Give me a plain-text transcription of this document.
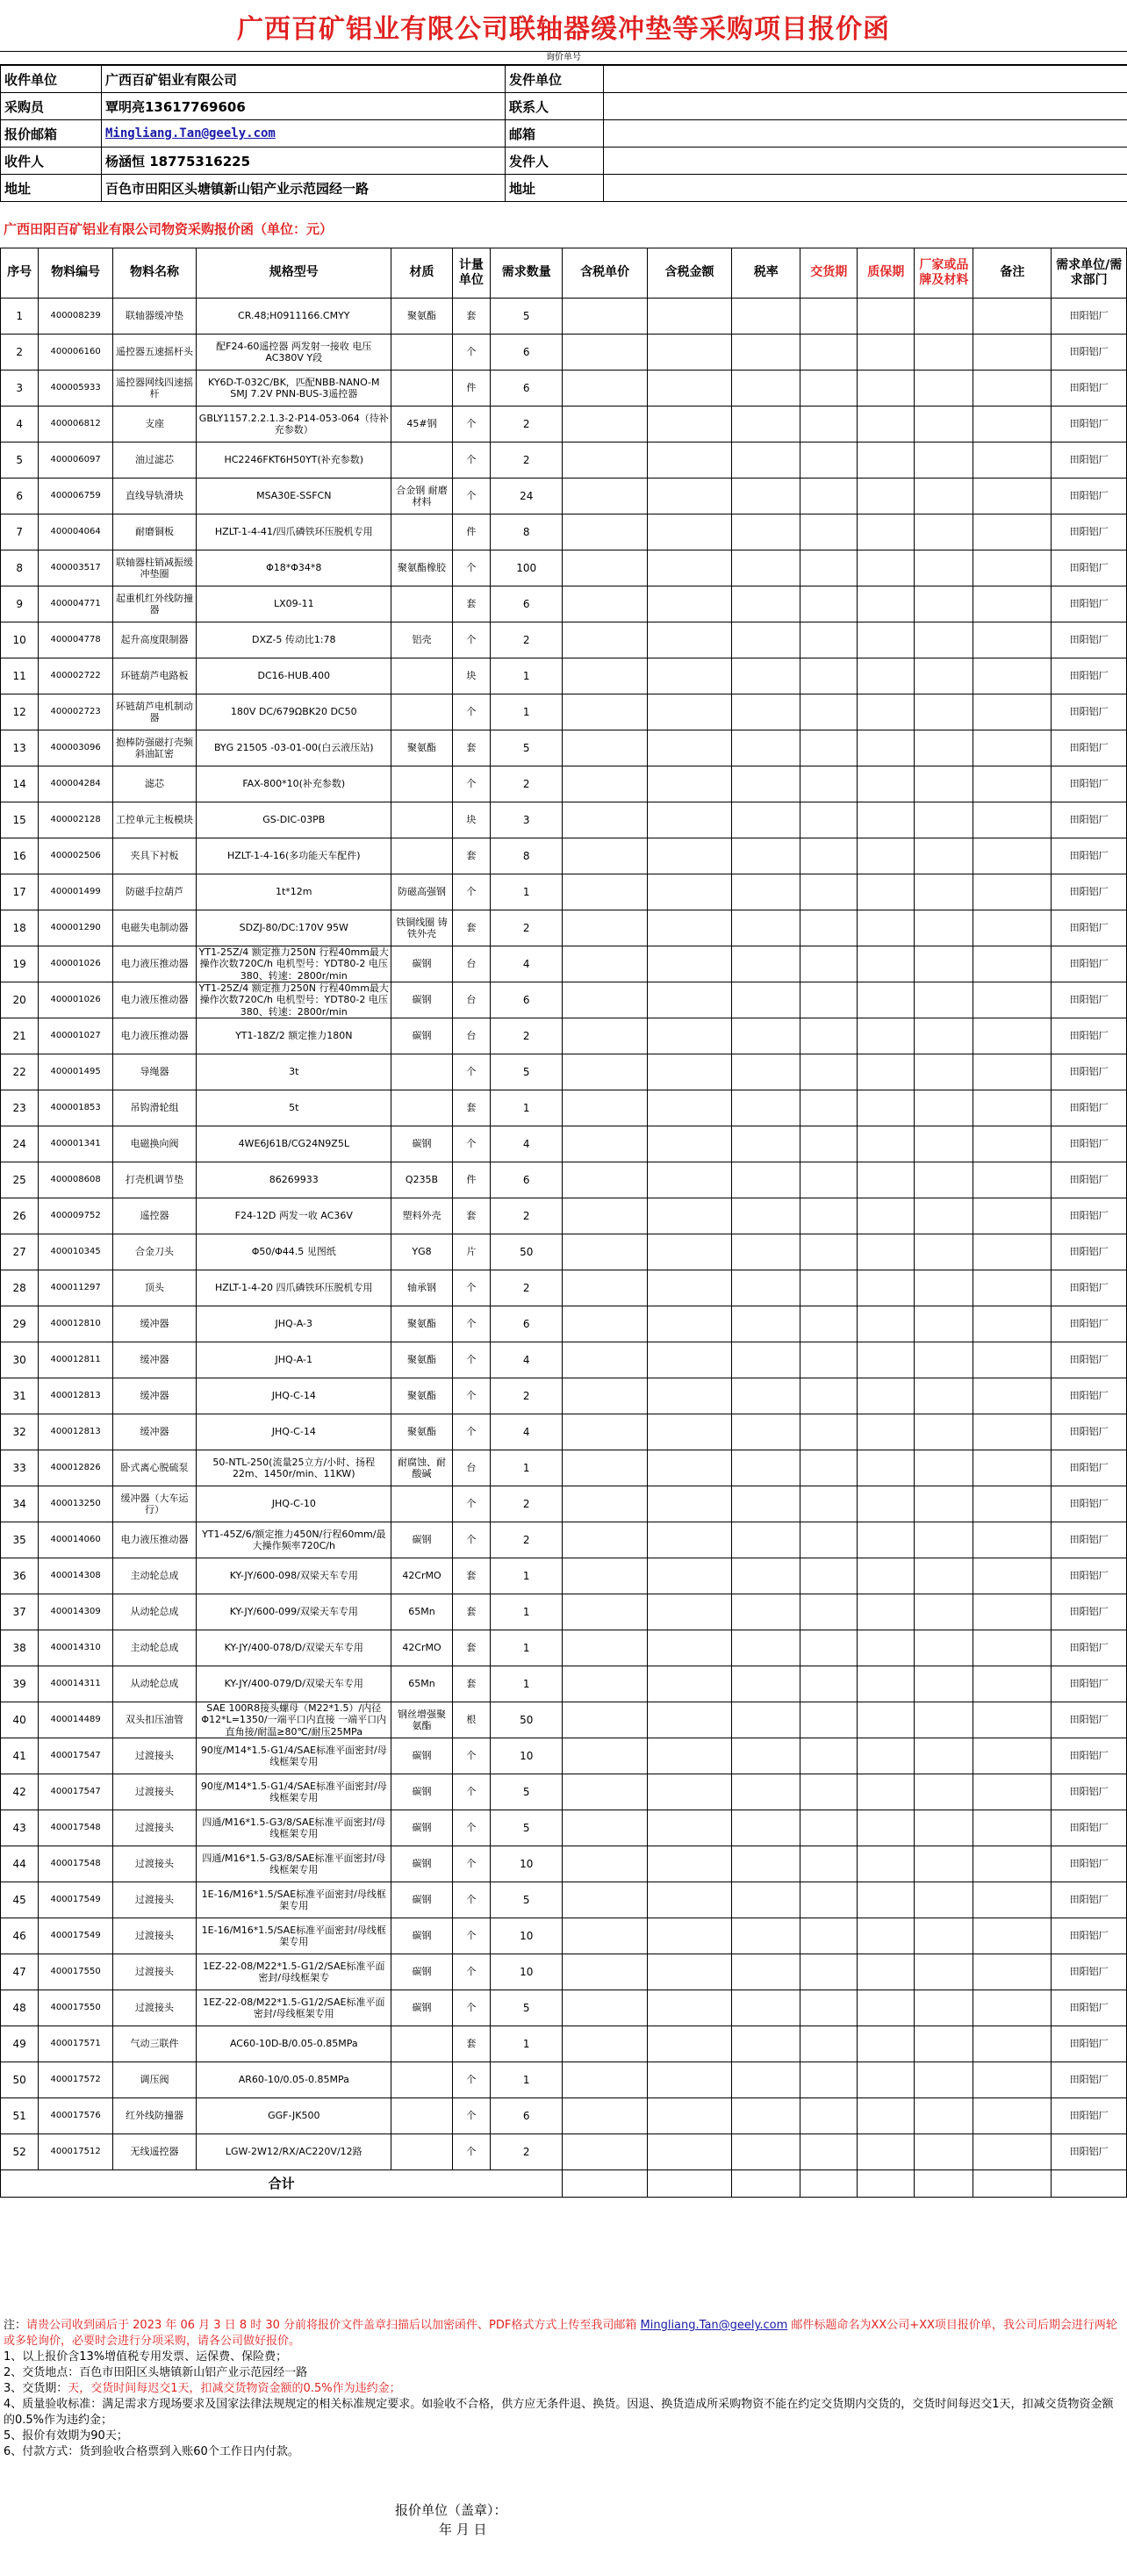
广西百矿铝业有限公司联轴器缓冲垫等采购项目报价函
询价单号
收件单位	广西百矿铝业有限公司	发件单位	
采购员	覃明亮13617769606	联系人	
报价邮箱	Mingliang.Tan@geely.com	邮箱	
收件人	杨涵恒 18775316225	发件人	
地址	百色市田阳区头塘镇新山铝产业示范园经一路	地址	
广西田阳百矿铝业有限公司物资采购报价函（单位：元）
序号	物料编号	物料名称	规格型号	材质	计量单位	需求数量	含税单价	含税金额	税率	交货期	质保期	厂家或品牌及材料	备注	需求单位/需求部门
1	400008239	联轴器缓冲垫	CR.48;H0911166.CMYY	聚氨酯	套	5								田阳铝厂
2	400006160	遥控器五速摇杆头	配F24-60遥控器 两发射一接收 电压AC380V Y段		个	6								田阳铝厂
3	400005933	遥控器网线四速摇杆	KY6D-T-032C/BK，匹配NBB-NANO-M SMJ 7.2V PNN-BUS-3遥控器		件	6								田阳铝厂
4	400006812	支座	GBLY1157.2.2.1.3-2-P14-053-064（待补充参数）	45#钢	个	2								田阳铝厂
5	400006097	油过滤芯	HC2246FKT6H50YT(补充参数)		个	2								田阳铝厂
6	400006759	直线导轨滑块	MSA30E-SSFCN	合金钢 耐磨材料	个	24								田阳铝厂
7	400004064	耐磨铜板	HZLT-1-4-41/四爪磷铁环压脱机专用		件	8								田阳铝厂
8	400003517	联轴器柱销减振缓冲垫圈	Φ18*Φ34*8	聚氨酯橡胶	个	100								田阳铝厂
9	400004771	起重机红外线防撞器	LX09-11		套	6								田阳铝厂
10	400004778	起升高度限制器	DXZ-5 传动比1:78	铝壳	个	2								田阳铝厂
11	400002722	环链葫芦电路板	DC16-HUB.400		块	1								田阳铝厂
12	400002723	环链葫芦电机制动器	180V DC/679ΩBK20 DC50		个	1								田阳铝厂
13	400003096	抱棒防强磁打壳频斜油缸密	BYG 21505 -03-01-00(白云液压站)	聚氨酯	套	5								田阳铝厂
14	400004284	滤芯	FAX-800*10(补充参数)		个	2								田阳铝厂
15	400002128	工控单元主板模块	GS-DIC-03PB		块	3								田阳铝厂
16	400002506	夹具下衬板	HZLT-1-4-16(多功能天车配件)		套	8								田阳铝厂
17	400001499	防磁手拉葫芦	1t*12m	防磁高强钢	个	1								田阳铝厂
18	400001290	电磁失电制动器	SDZJ-80/DC:170V 95W	铁铜线圈 铸铁外壳	套	2								田阳铝厂
19	400001026	电力液压推动器	YT1-25Z/4 额定推力250N 行程40mm最大操作次数720C/h 电机型号：YDT80-2 电压380、转速：2800r/min	碳钢	台	4								田阳铝厂
20	400001026	电力液压推动器	YT1-25Z/4 额定推力250N 行程40mm最大操作次数720C/h 电机型号：YDT80-2 电压380、转速：2800r/min	碳钢	台	6								田阳铝厂
21	400001027	电力液压推动器	YT1-18Z/2 额定推力180N	碳钢	台	2								田阳铝厂
22	400001495	导绳器	3t		个	5								田阳铝厂
23	400001853	吊钩滑轮组	5t		套	1								田阳铝厂
24	400001341	电磁换向阀	4WE6J61B/CG24N9Z5L	碳钢	个	4								田阳铝厂
25	400008608	打壳机调节垫	86269933	Q235B	件	6								田阳铝厂
26	400009752	遥控器	F24-12D 两发一收 AC36V	塑料外壳	套	2								田阳铝厂
27	400010345	合金刀头	Φ50/Φ44.5 见图纸	YG8	片	50								田阳铝厂
28	400011297	顶头	HZLT-1-4-20 四爪磷铁环压脱机专用	轴承钢	个	2								田阳铝厂
29	400012810	缓冲器	JHQ-A-3	聚氨酯	个	6								田阳铝厂
30	400012811	缓冲器	JHQ-A-1	聚氨酯	个	4								田阳铝厂
31	400012813	缓冲器	JHQ-C-14	聚氨酯	个	2								田阳铝厂
32	400012813	缓冲器	JHQ-C-14	聚氨酯	个	4								田阳铝厂
33	400012826	卧式离心脱硫泵	50-NTL-250(流量25立方/小时、扬程22m、1450r/min、11KW)	耐腐蚀、耐酸碱	台	1								田阳铝厂
34	400013250	缓冲器（大车运行）	JHQ-C-10		个	2								田阳铝厂
35	400014060	电力液压推动器	YT1-45Z/6/额定推力450N/行程60mm/最大操作频率720C/h	碳钢	个	2								田阳铝厂
36	400014308	主动轮总成	KY-JY/600-098/双梁天车专用	42CrMO	套	1								田阳铝厂
37	400014309	从动轮总成	KY-JY/600-099/双梁天车专用	65Mn	套	1								田阳铝厂
38	400014310	主动轮总成	KY-JY/400-078/D/双梁天车专用	42CrMO	套	1								田阳铝厂
39	400014311	从动轮总成	KY-JY/400-079/D/双梁天车专用	65Mn	套	1								田阳铝厂
40	400014489	双头扣压油管	SAE 100R8接头螺母（M22*1.5）/内径Φ12*L=1350/一端平口内直接 一端平口内直角接/耐温≥80℃/耐压25MPa	钢丝增强聚氨酯	根	50								田阳铝厂
41	400017547	过渡接头	90度/M14*1.5-G1/4/SAE标准平面密封/母线框架专用	碳钢	个	10								田阳铝厂
42	400017547	过渡接头	90度/M14*1.5-G1/4/SAE标准平面密封/母线框架专用	碳钢	个	5								田阳铝厂
43	400017548	过渡接头	四通/M16*1.5-G3/8/SAE标准平面密封/母线框架专用	碳钢	个	5								田阳铝厂
44	400017548	过渡接头	四通/M16*1.5-G3/8/SAE标准平面密封/母线框架专用	碳钢	个	10								田阳铝厂
45	400017549	过渡接头	1E-16/M16*1.5/SAE标准平面密封/母线框架专用	碳钢	个	5								田阳铝厂
46	400017549	过渡接头	1E-16/M16*1.5/SAE标准平面密封/母线框架专用	碳钢	个	10								田阳铝厂
47	400017550	过渡接头	1EZ-22-08/M22*1.5-G1/2/SAE标准平面密封/母线框架专	碳钢	个	10								田阳铝厂
48	400017550	过渡接头	1EZ-22-08/M22*1.5-G1/2/SAE标准平面密封/母线框架专用	碳钢	个	5								田阳铝厂
49	400017571	气动三联件	AC60-10D-B/0.05-0.85MPa		套	1								田阳铝厂
50	400017572	调压阀	AR60-10/0.05-0.85MPa		个	1								田阳铝厂
51	400017576	红外线防撞器	GGF-JK500		个	6								田阳铝厂
52	400017512	无线遥控器	LGW-2W12/RX/AC220V/12路		个	2								田阳铝厂
合计														

注：请贵公司收到函后于 2023 年 06 月 3 日 8 时 30 分前将报价文件盖章扫描后以加密函件、PDF格式方式上传至我司邮箱 Mingliang.Tan@geely.com 邮件标题命名为XX公司+XX项目报价单，我公司后期会进行两轮或多轮询价，必要时会进行分项采购，请各公司做好报价。

1、以上报价含13%增值税专用发票、运保费、保险费；

2、交货地点：百色市田阳区头塘镇新山铝产业示范园经一路

3、交货期：天，交货时间每迟交1天，扣减交货物资金额的0.5%作为违约金；

4、质量验收标准：满足需求方现场要求及国家法律法规规定的相关标准规定要求。如验收不合格，供方应无条件退、换货。因退、换货造成所采购物资不能在约定交货期内交货的，交货时间每迟交1天，扣减交货物资金额的0.5%作为违约金；

5、报价有效期为90天；

6、付款方式：货到验收合格票到入账60个工作日内付款。

报价单位（盖章）：
年 月 日
